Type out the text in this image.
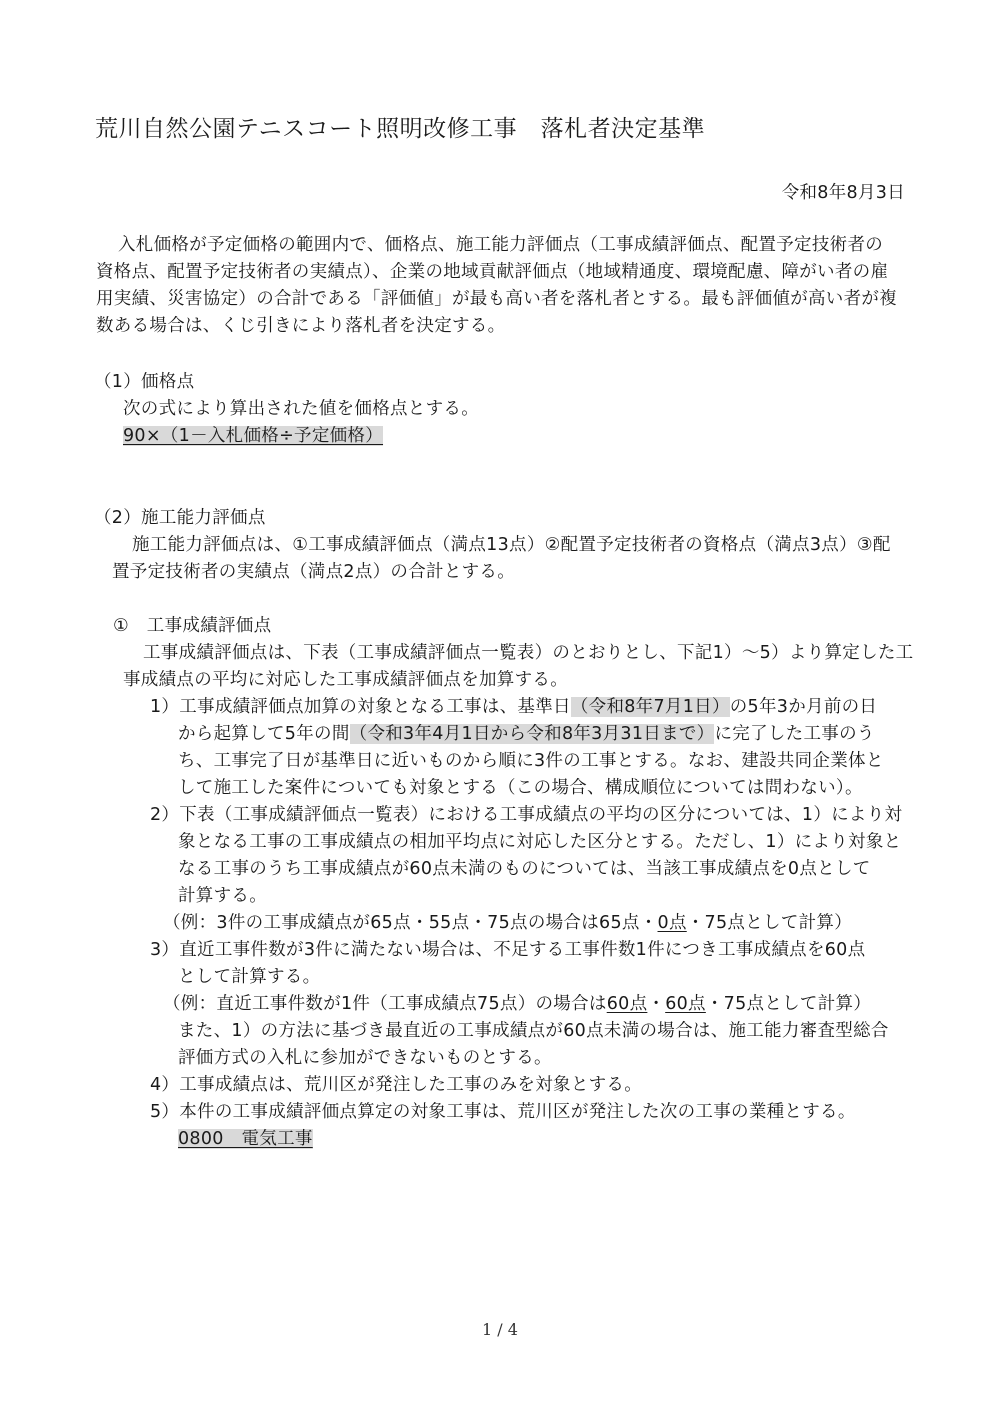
荒川自然公園テニスコート照明改修工事　落札者決定基準
令和8年8月3日
入札価格が予定価格の範囲内で、価格点、施工能力評価点（工事成績評価点、配置予定技術者の
資格点、配置予定技術者の実績点）、企業の地域貢献評価点（地域精通度、環境配慮、障がい者の雇
用実績、災害協定）の合計である「評価値」が最も高い者を落札者とする。最も評価値が高い者が複
数ある場合は、くじ引きにより落札者を決定する。
（1）価格点
次の式により算出された値を価格点とする。
90×（1－入札価格÷予定価格）
（2）施工能力評価点
施工能力評価点は、①工事成績評価点（満点13点）②配置予定技術者の資格点（満点3点）③配
置予定技術者の実績点（満点2点）の合計とする。
①　工事成績評価点
工事成績評価点は、下表（工事成績評価点一覧表）のとおりとし、下記1）～5）より算定した工
事成績点の平均に対応した工事成績評価点を加算する。
1）工事成績評価点加算の対象となる工事は、基準日（令和8年7月1日）の5年3か月前の日
から起算して5年の間（令和3年4月1日から令和8年3月31日まで）に完了した工事のう
ち、工事完了日が基準日に近いものから順に3件の工事とする。なお、建設共同企業体と
して施工した案件についても対象とする（この場合、構成順位については問わない）。
2）下表（工事成績評価点一覧表）における工事成績点の平均の区分については、1）により対
象となる工事の工事成績点の相加平均点に対応した区分とする。ただし、1）により対象と
なる工事のうち工事成績点が60点未満のものについては、当該工事成績点を0点として
計算する。
（例：3件の工事成績点が65点・55点・75点の場合は65点・0点・75点として計算）
3）直近工事件数が3件に満たない場合は、不足する工事件数1件につき工事成績点を60点
として計算する。
（例：直近工事件数が1件（工事成績点75点）の場合は60点・60点・75点として計算）
また、1）の方法に基づき最直近の工事成績点が60点未満の場合は、施工能力審査型総合
評価方式の入札に参加ができないものとする。
4）工事成績点は、荒川区が発注した工事のみを対象とする。
5）本件の工事成績評価点算定の対象工事は、荒川区が発注した次の工事の業種とする。
0800　電気工事
1 / 4
